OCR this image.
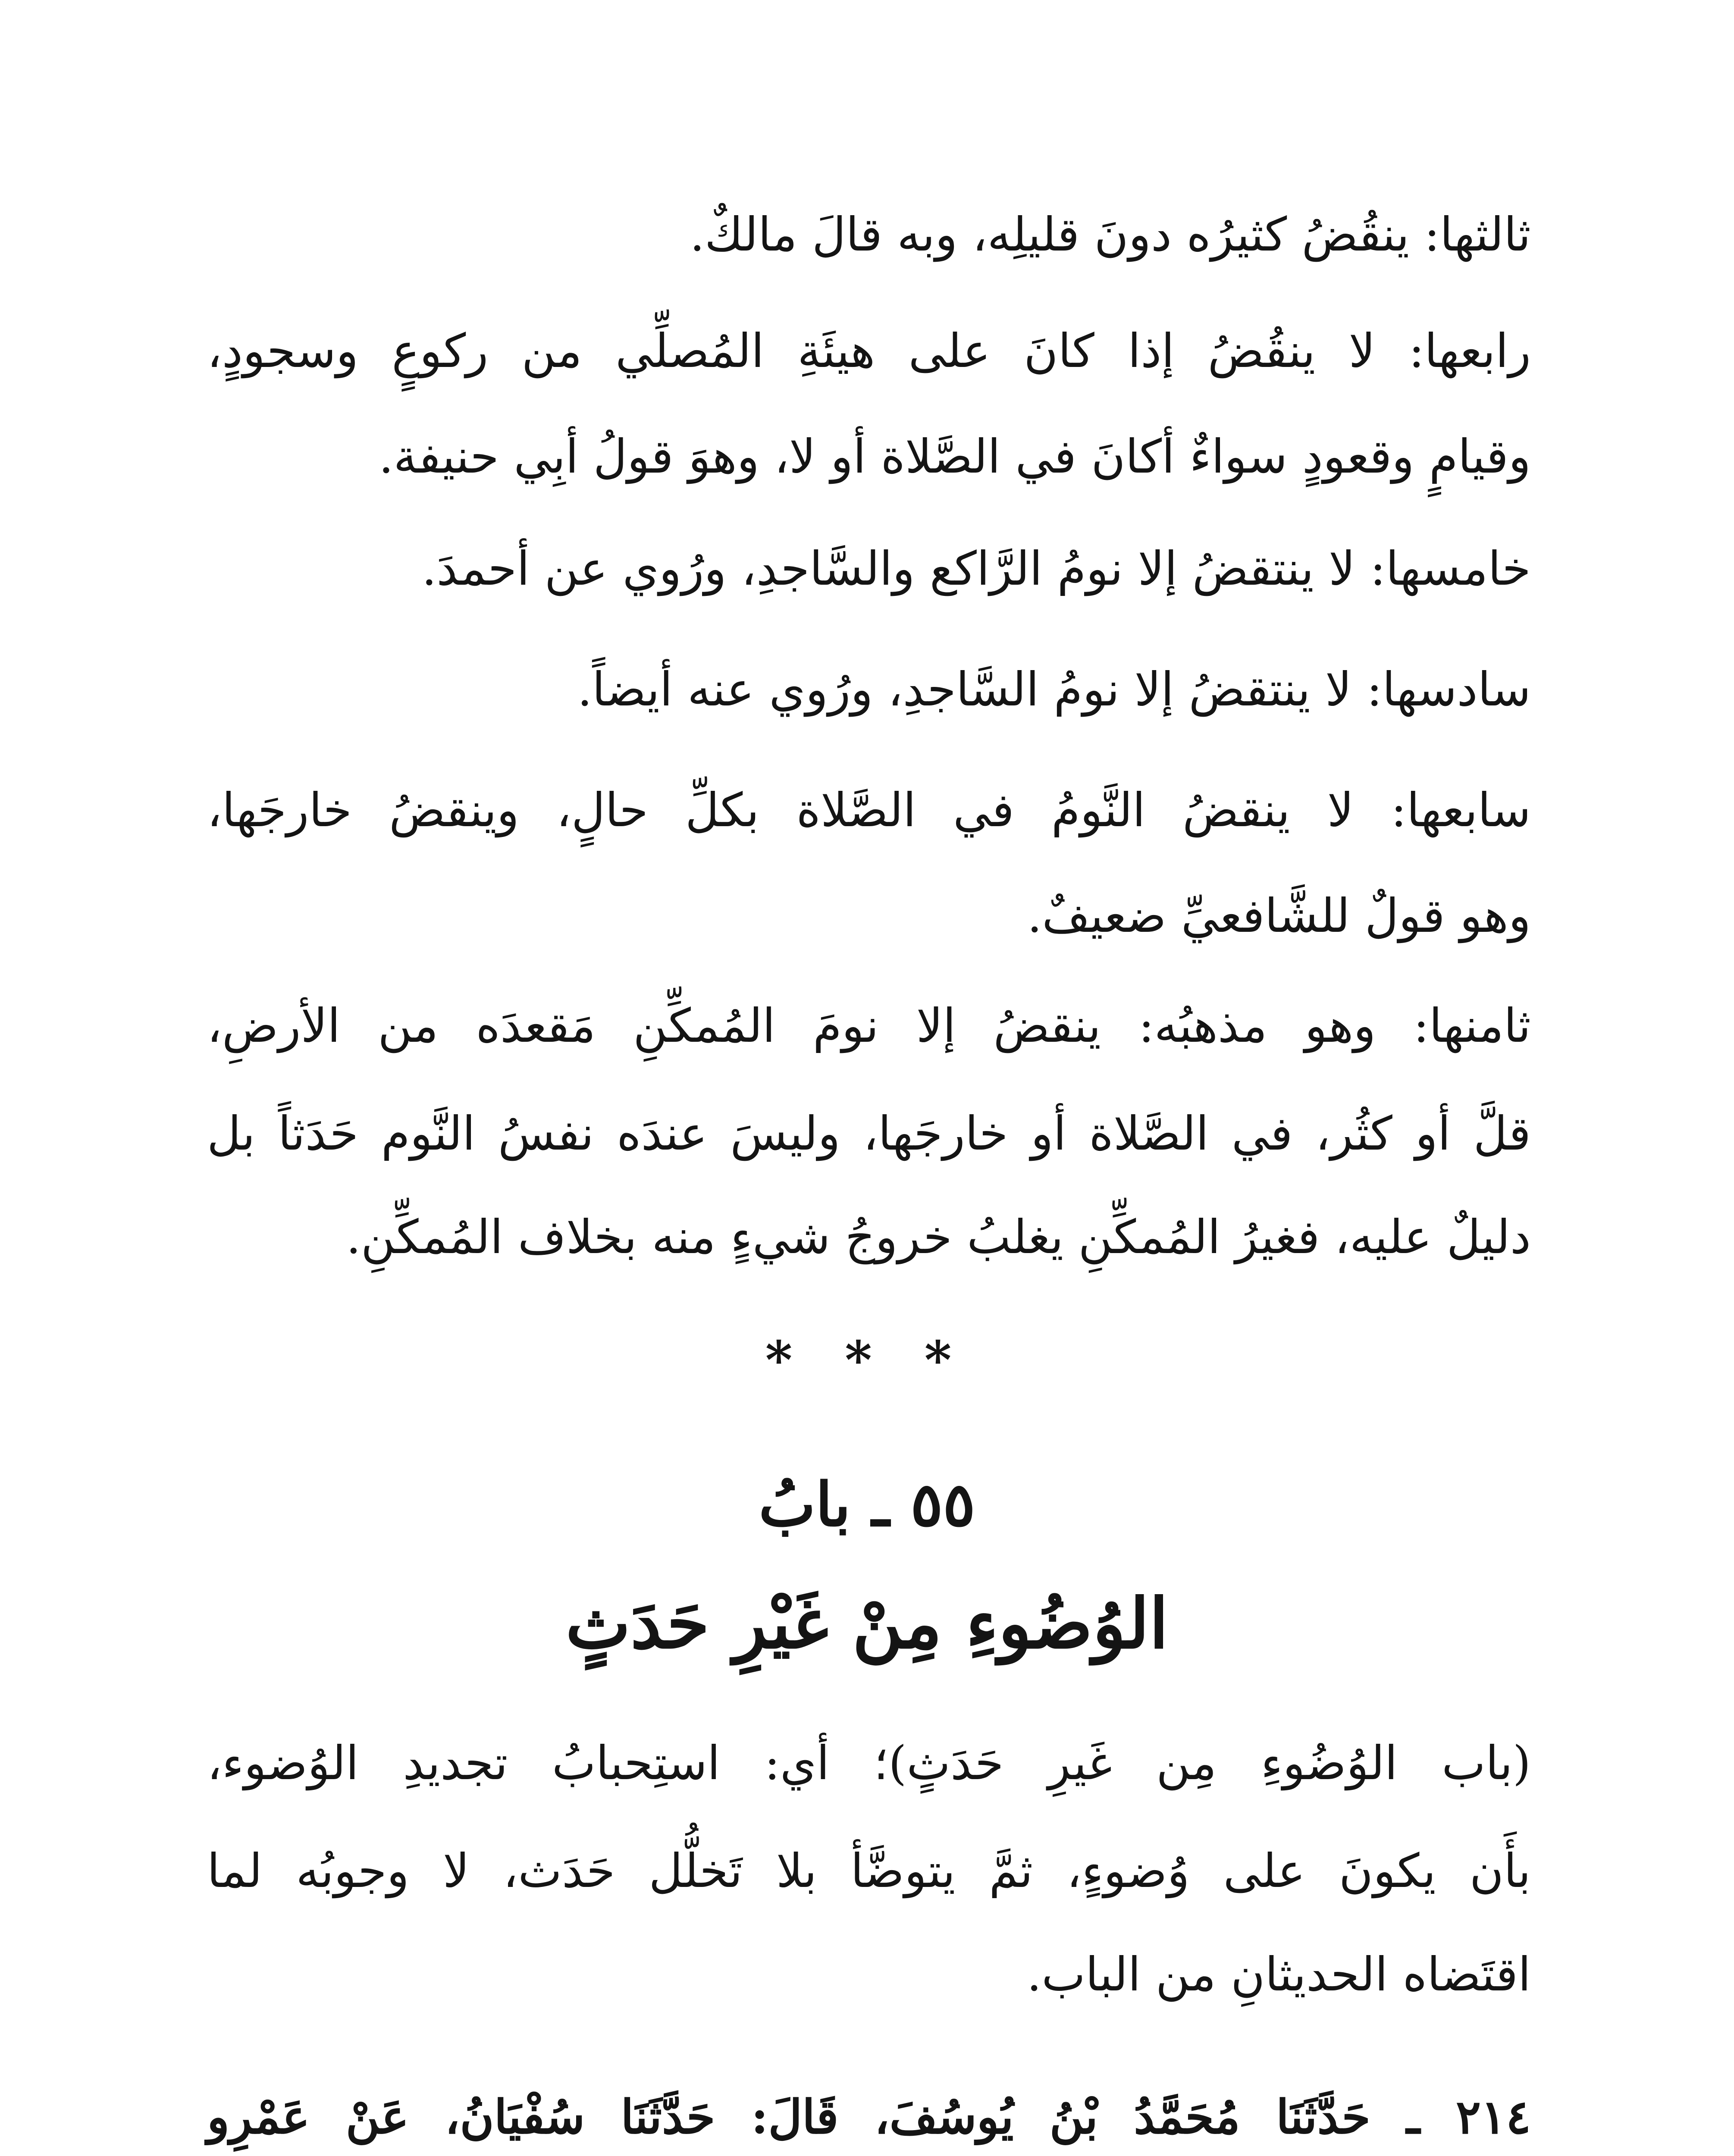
ثالثها: ينقُضُ كثيرُه دونَ قليلِه، وبه قالَ مالكٌ.
رابعها: لا ينقُضُ إذا كانَ على هيئَةِ المُصلِّي من ركوعٍ وسجودٍ،
وقيامٍ وقعودٍ سواءٌ أكانَ في الصَّلاة أو لا، وهوَ قولُ أبِي حنيفة.
خامسها: لا ينتقضُ إلا نومُ الرَّاكع والسَّاجدِ، ورُوي عن أحمدَ.
سادسها: لا ينتقضُ إلا نومُ السَّاجدِ، ورُوي عنه أيضاً.
سابعها: لا ينقضُ النَّومُ في الصَّلاة بكلِّ حالٍ، وينقضُ خارجَها،
وهو قولٌ للشَّافعيِّ ضعيفٌ.
ثامنها: وهو مذهبُه: ينقضُ إلا نومَ المُمكِّنِ مَقعدَه من الأرضِ،
قلَّ أو كثُر، في الصَّلاة أو خارجَها، وليسَ عندَه نفسُ النَّوم حَدَثاً بل
دليلٌ عليه، فغيرُ المُمكِّنِ يغلبُ خروجُ شيءٍ منه بخلاف المُمكِّنِ.
* * *
٥٥ ـ بابُ
الوُضُوءِ مِنْ غَيْرِ حَدَثٍ
(باب الوُضُوءِ مِن غَيرِ حَدَثٍ)؛ أي: استِحبابُ تجديدِ الوُضوء،
بأَن يكونَ على وُضوءٍ، ثمَّ يتوضَّأ بلا تَخلُّل حَدَث، لا وجوبُه لما
اقتَضاه الحديثانِ من الباب.
٢١٤ ـ حَدَّثَنَا مُحَمَّدُ بْنُ يُوسُفَ، قَالَ: حَدَّثَنَا سُفْيَانُ، عَنْ عَمْرِو
